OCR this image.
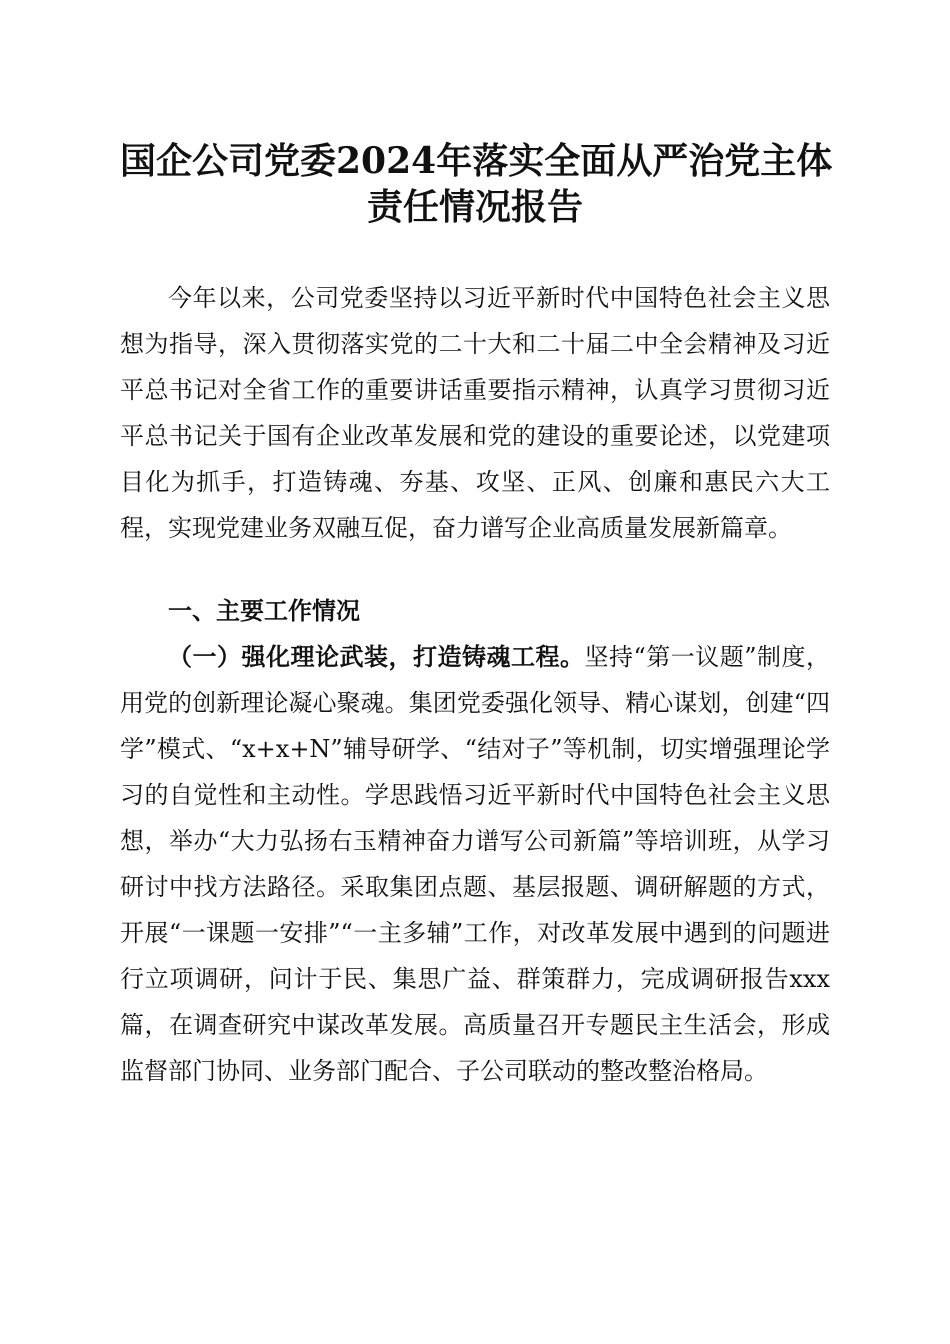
国企公司党委2024年落实全面从严治党主体
责任情况报告

今年以来，公司党委坚持以习近平新时代中国特色社会主义思想为指导，深入贯彻落实党的二十大和二十届二中全会精神及习近平总书记对全省工作的重要讲话重要指示精神，认真学习贯彻习近平总书记关于国有企业改革发展和党的建设的重要论述，以党建项目化为抓手，打造铸魂、夯基、攻坚、正风、创廉和惠民六大工程，实现党建业务双融互促，奋力谱写企业高质量发展新篇章。

一、主要工作情况

（一）强化理论武装，打造铸魂工程。坚持“第一议题”制度，用党的创新理论凝心聚魂。集团党委强化领导、精心谋划，创建“四学”模式、“x+x+N”辅导研学、“结对子”等机制，切实增强理论学习的自觉性和主动性。学思践悟习近平新时代中国特色社会主义思想，举办“大力弘扬右玉精神奋力谱写公司新篇”等培训班，从学习研讨中找方法路径。采取集团点题、基层报题、调研解题的方式，开展“一课题一安排”“一主多辅”工作，对改革发展中遇到的问题进行立项调研，问计于民、集思广益、群策群力，完成调研报告xxx篇，在调查研究中谋改革发展。高质量召开专题民主生活会，形成监督部门协同、业务部门配合、子公司联动的整改整治格局。
